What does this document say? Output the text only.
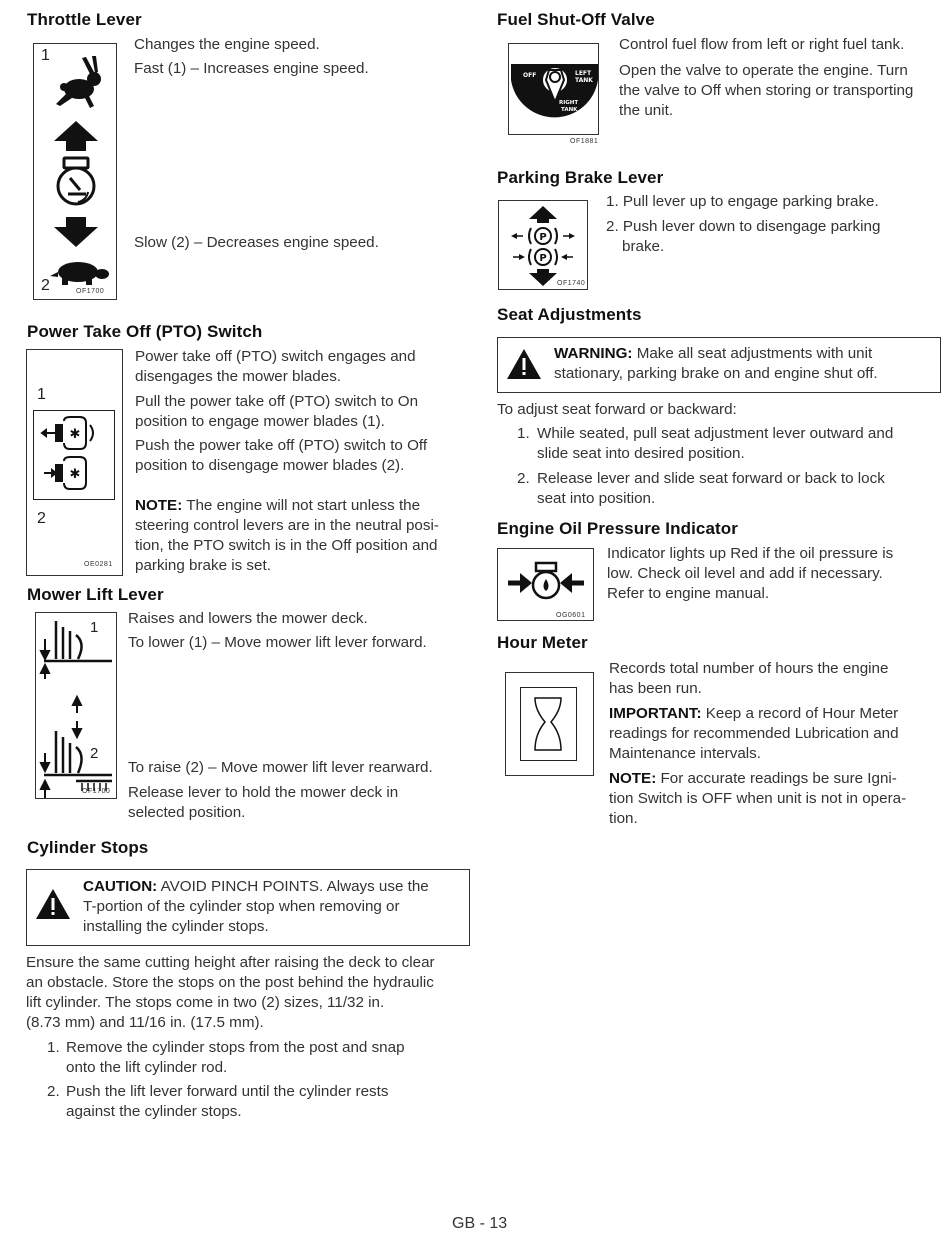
Throttle Lever
1
2	OF1700
Changes the engine speed.
Fast (1) – Increases engine speed.
Slow (2) – Decreases engine speed.
Power Take Off (PTO) Switch
1
✱
✱
2
OE0281
Power take off (PTO) switch engages and
disengages the mower blades.
Pull the power take off (PTO) switch to On
position to engage mower blades (1).
Push the power take off (PTO) switch to Off
position to disengage mower blades (2).
NOTE: The engine will not start unless the
steering control levers are in the neutral posi-
tion, the PTO switch is in the Off position and
parking brake is set.
Mower Lift Lever
1
2
OF1700
Raises and lowers the mower deck.
To lower (1) – Move mower lift lever forward.
To raise (2) – Move mower lift lever rearward.
Release lever to hold the mower deck in
selected position.
Cylinder Stops
CAUTION: AVOID PINCH POINTS. Always use the
T-portion of the cylinder stop when removing or
installing the cylinder stops.
Ensure the same cutting height after raising the deck to clear
an obstacle. Store the stops on the post behind the hydraulic
lift cylinder. The stops come in two (2) sizes, 11/32 in.
(8.73 mm) and 11/16 in. (17.5 mm).
1. Remove the cylinder stops from the post and snap
onto the lift cylinder rod.
2. Push the lift lever forward until the cylinder rests
against the cylinder stops.
Fuel Shut-Off Valve
OFF	LEFT
TANK
RIGHT
TANK
OF1881
Control fuel flow from left or right fuel tank.
Open the valve to operate the engine. Turn
the valve to Off when storing or transporting
the unit.
Parking Brake Lever
P
P
OF1740
1. Pull lever up to engage parking brake.
2. Push lever down to disengage parking
brake.
Seat Adjustments
WARNING: Make all seat adjustments with unit
stationary, parking brake on and engine shut off.
To adjust seat forward or backward:
1. While seated, pull seat adjustment lever outward and
slide seat into desired position.
2. Release lever and slide seat forward or back to lock
seat into position.
Engine Oil Pressure Indicator
OG0601
Indicator lights up Red if the oil pressure is
low. Check oil level and add if necessary.
Refer to engine manual.
Hour Meter
Records total number of hours the engine
has been run.
IMPORTANT: Keep a record of Hour Meter
readings for recommended Lubrication and
Maintenance intervals.
NOTE: For accurate readings be sure Igni-
tion Switch is OFF when unit is not in opera-
tion.
GB - 13
